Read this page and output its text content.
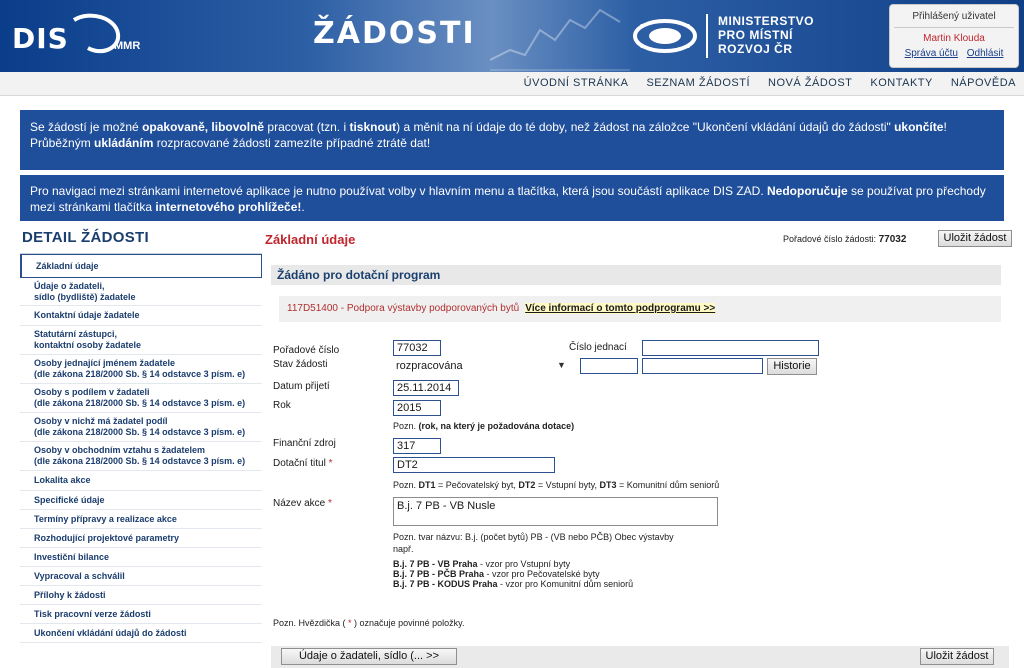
DIS	MMR	ŽÁDOSTI	MINISTERSTVO
PRO MÍSTNÍ
ROZVOJ ČR
Přihlášený uživatel
Martin Klouda
Správa účtu Odhlásit
ÚVODNÍ STRÁNKA SEZNAM ŽÁDOSTÍ NOVÁ ŽÁDOST KONTAKTY NÁPOVĚDA
Se žádostí je možné opakovaně, libovolně pracovat (tzn. i tisknout) a měnit na ní údaje do té doby, než žádost na záložce "Ukončení vkládání údajů do žádosti" ukončíte!
Průběžným ukládáním rozpracované žádosti zamezíte případné ztrátě dat!
Pro navigaci mezi stránkami internetové aplikace je nutno používat volby v hlavním menu a tlačítka, která jsou součástí aplikace DIS ZAD. Nedoporučuje se používat pro přechody mezi stránkami tlačítka internetového prohlížeče!.
DETAIL ŽÁDOSTI
Základní údaje
Údaje o žadateli,
sídlo (bydliště) žadatele
Kontaktní údaje žadatele
Statutární zástupci,
kontaktní osoby žadatele
Osoby jednající jménem žadatele
(dle zákona 218/2000 Sb. § 14 odstavce 3 písm. e)
Osoby s podílem v žadateli
(dle zákona 218/2000 Sb. § 14 odstavce 3 písm. e)
Osoby v nichž má žadatel podíl
(dle zákona 218/2000 Sb. § 14 odstavce 3 písm. e)
Osoby v obchodním vztahu s žadatelem
(dle zákona 218/2000 Sb. § 14 odstavce 3 písm. e)
Lokalita akce
Specifické údaje
Termíny přípravy a realizace akce
Rozhodující projektové parametry
Investiční bilance
Vypracoval a schválil
Přílohy k žádosti
Tisk pracovní verze žádosti
Ukončení vkládání údajů do žádosti
Základní údaje	Pořadové číslo žádosti: 77032	Uložit žádost
Žádáno pro dotační program
117D51400 - Podpora výstavby podporovaných bytů Více informací o tomto podprogramu >>
Pořadové číslo	77032	Číslo jednací
Stav žádosti	rozpracována	▼	Historie
Datum přijetí	25.11.2014
Rok	2015
Pozn. (rok, na který je požadována dotace)
Finanční zdroj	317
Dotační titul *	DT2
Pozn. DT1 = Pečovatelský byt, DT2 = Vstupní byty, DT3 = Komunitní dům seniorů
Název akce *	B.j. 7 PB - VB Nusle
Pozn. tvar názvu: B.j. (počet bytů) PB - (VB nebo PČB) Obec výstavby
např.
B.j. 7 PB - VB Praha - vzor pro Vstupní byty
B.j. 7 PB - PČB Praha - vzor pro Pečovatelské byty
B.j. 7 PB - KODUS Praha - vzor pro Komunitní dům seniorů
Pozn. Hvězdička ( * ) označuje povinné položky.
Údaje o žadateli, sídlo (... >>	Uložit žádost
